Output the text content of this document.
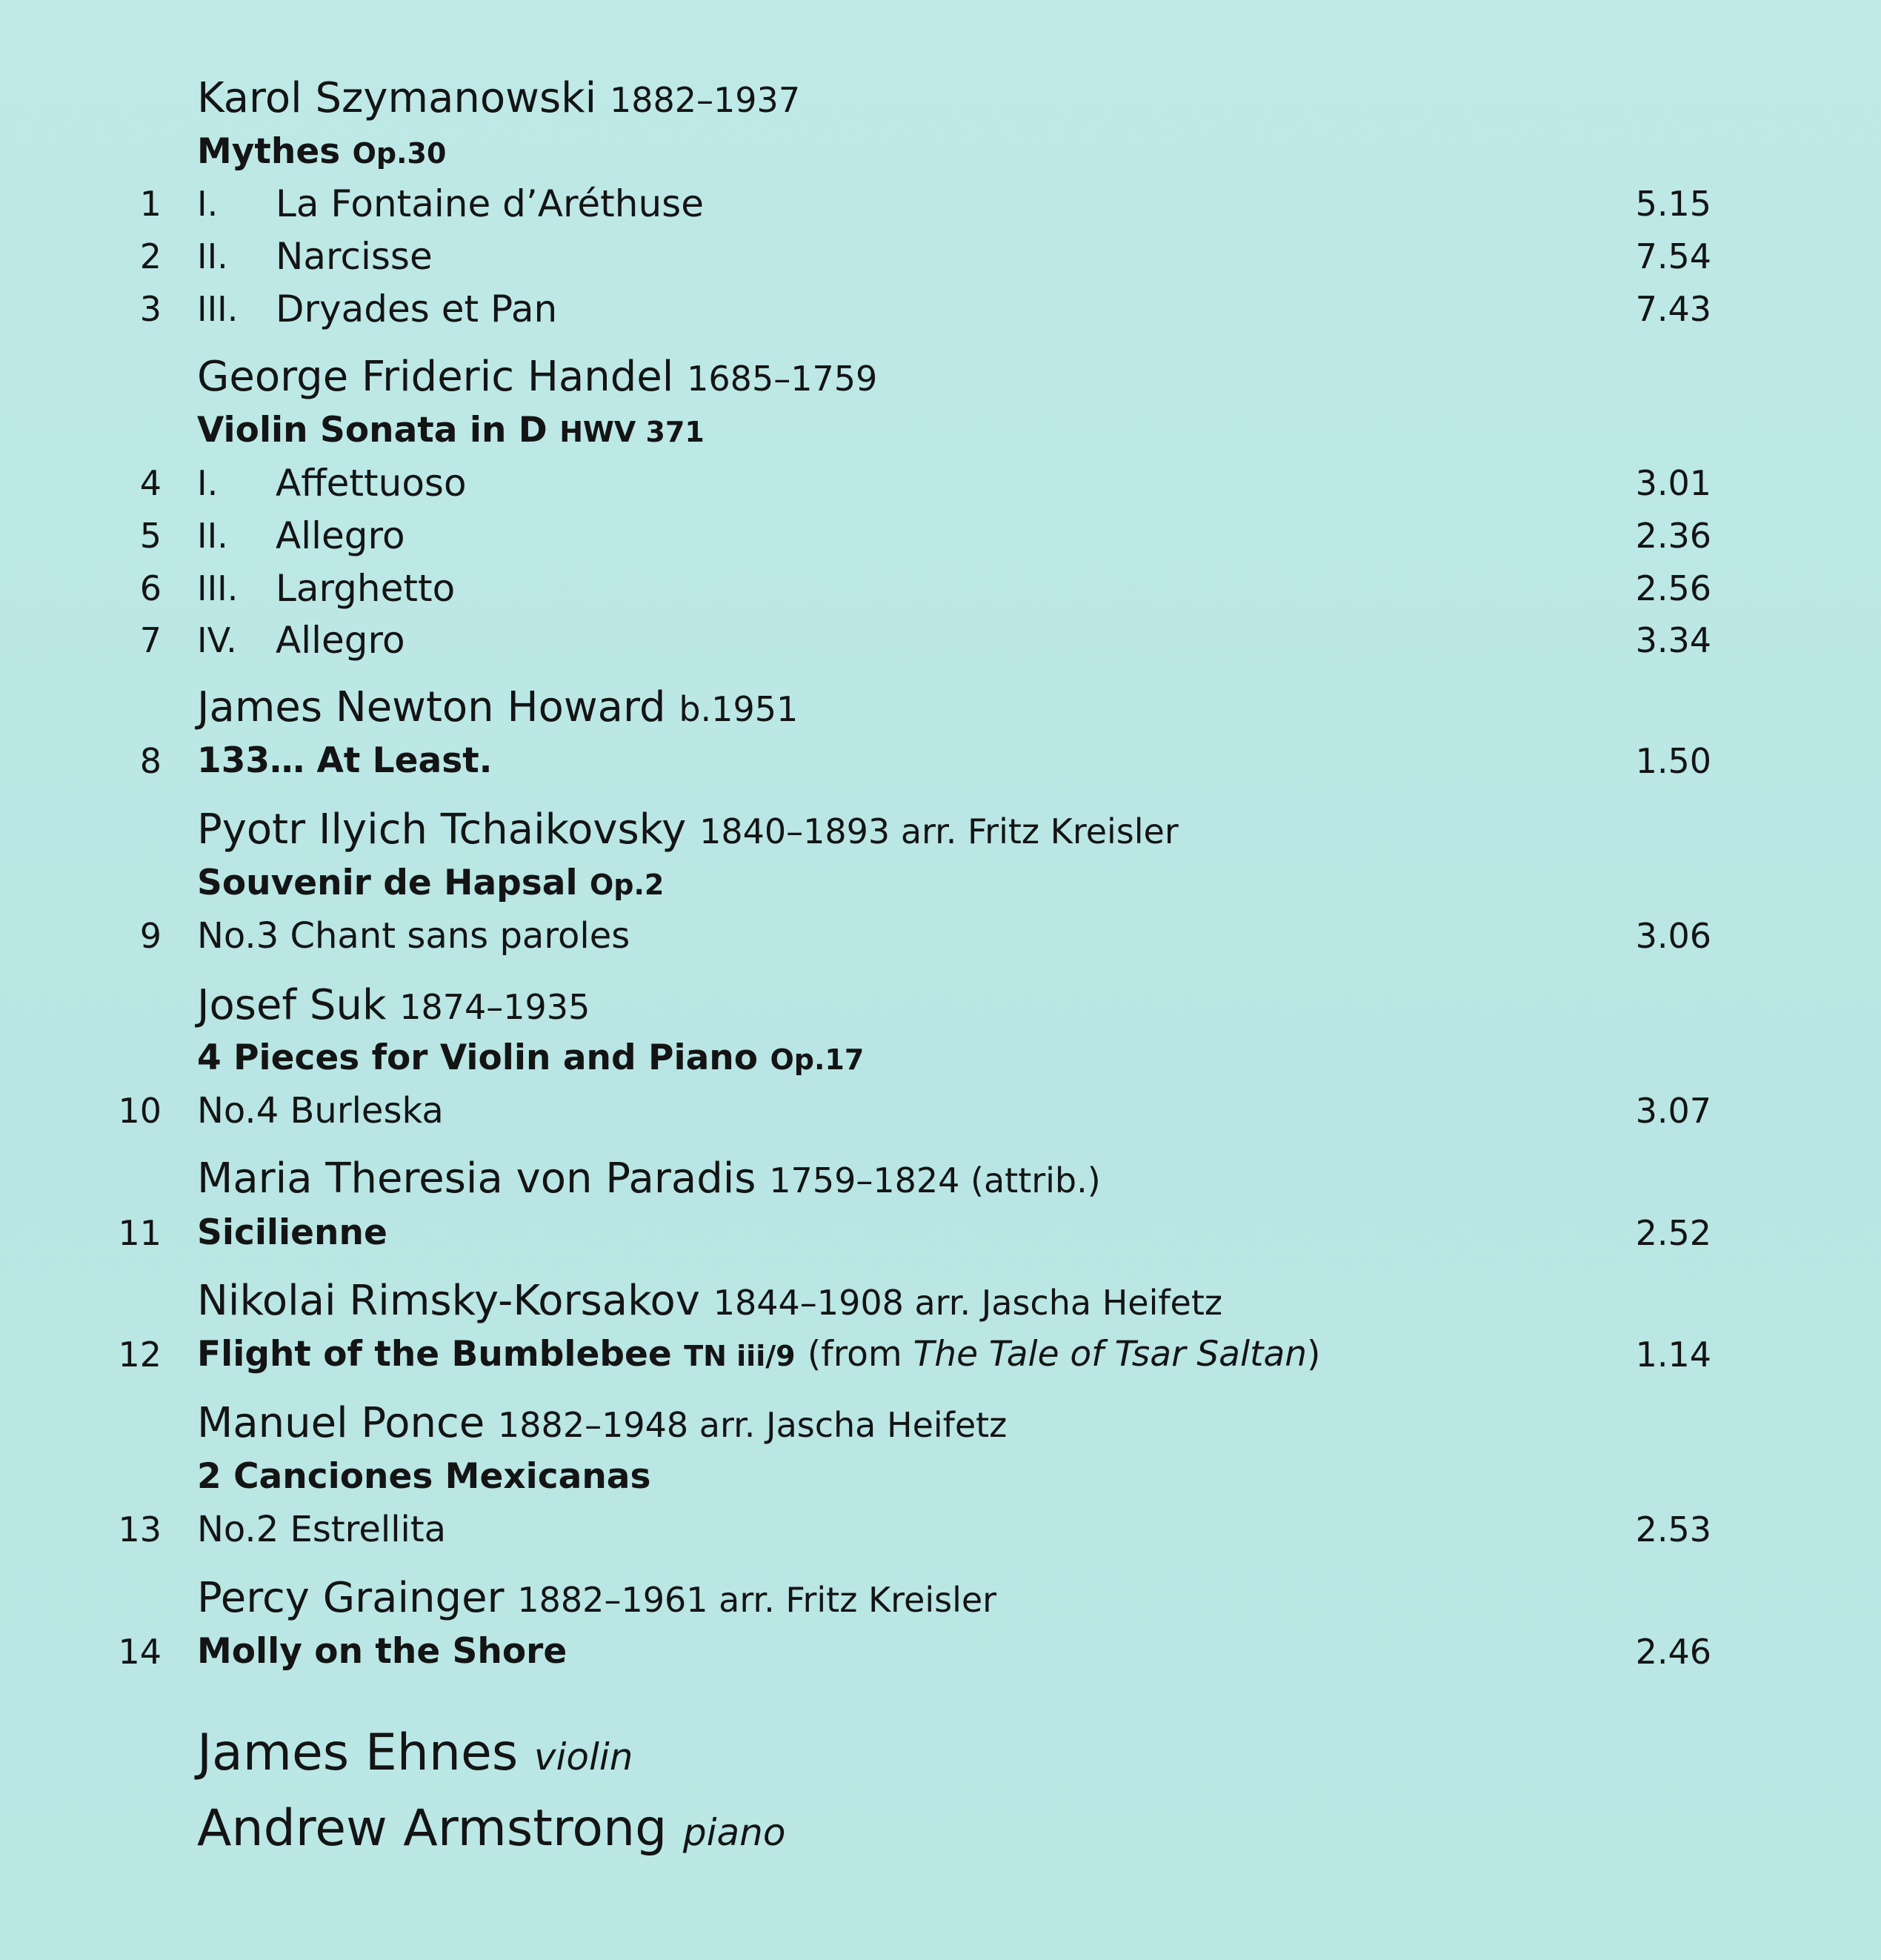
Karol Szymanowski 1882–1937
Mythes Op.30
1 I. La Fontaine d’Aréthuse	5.15
2 II. Narcisse	7.54
3 III. Dryades et Pan	7.43
George Frideric Handel 1685–1759
Violin Sonata in D HWV 371
4 I. Affettuoso	3.01
5 II. Allegro	2.36
6 III. Larghetto	2.56
7 IV. Allegro	3.34
James Newton Howard b.1951
8 133… At Least.	1.50
Pyotr Ilyich Tchaikovsky 1840–1893 arr. Fritz Kreisler
Souvenir de Hapsal Op.2
9 No.3 Chant sans paroles	3.06
Josef Suk 1874–1935
4 Pieces for Violin and Piano Op.17
10 No.4 Burleska	3.07
Maria Theresia von Paradis 1759–1824 (attrib.)
11 Sicilienne	2.52
Nikolai Rimsky-Korsakov 1844–1908 arr. Jascha Heifetz
12 Flight of the Bumblebee TN iii/9 (from The Tale of Tsar Saltan)	1.14
Manuel Ponce 1882–1948 arr. Jascha Heifetz
2 Canciones Mexicanas
13 No.2 Estrellita	2.53
Percy Grainger 1882–1961 arr. Fritz Kreisler
14 Molly on the Shore	2.46
James Ehnes violin
Andrew Armstrong piano
